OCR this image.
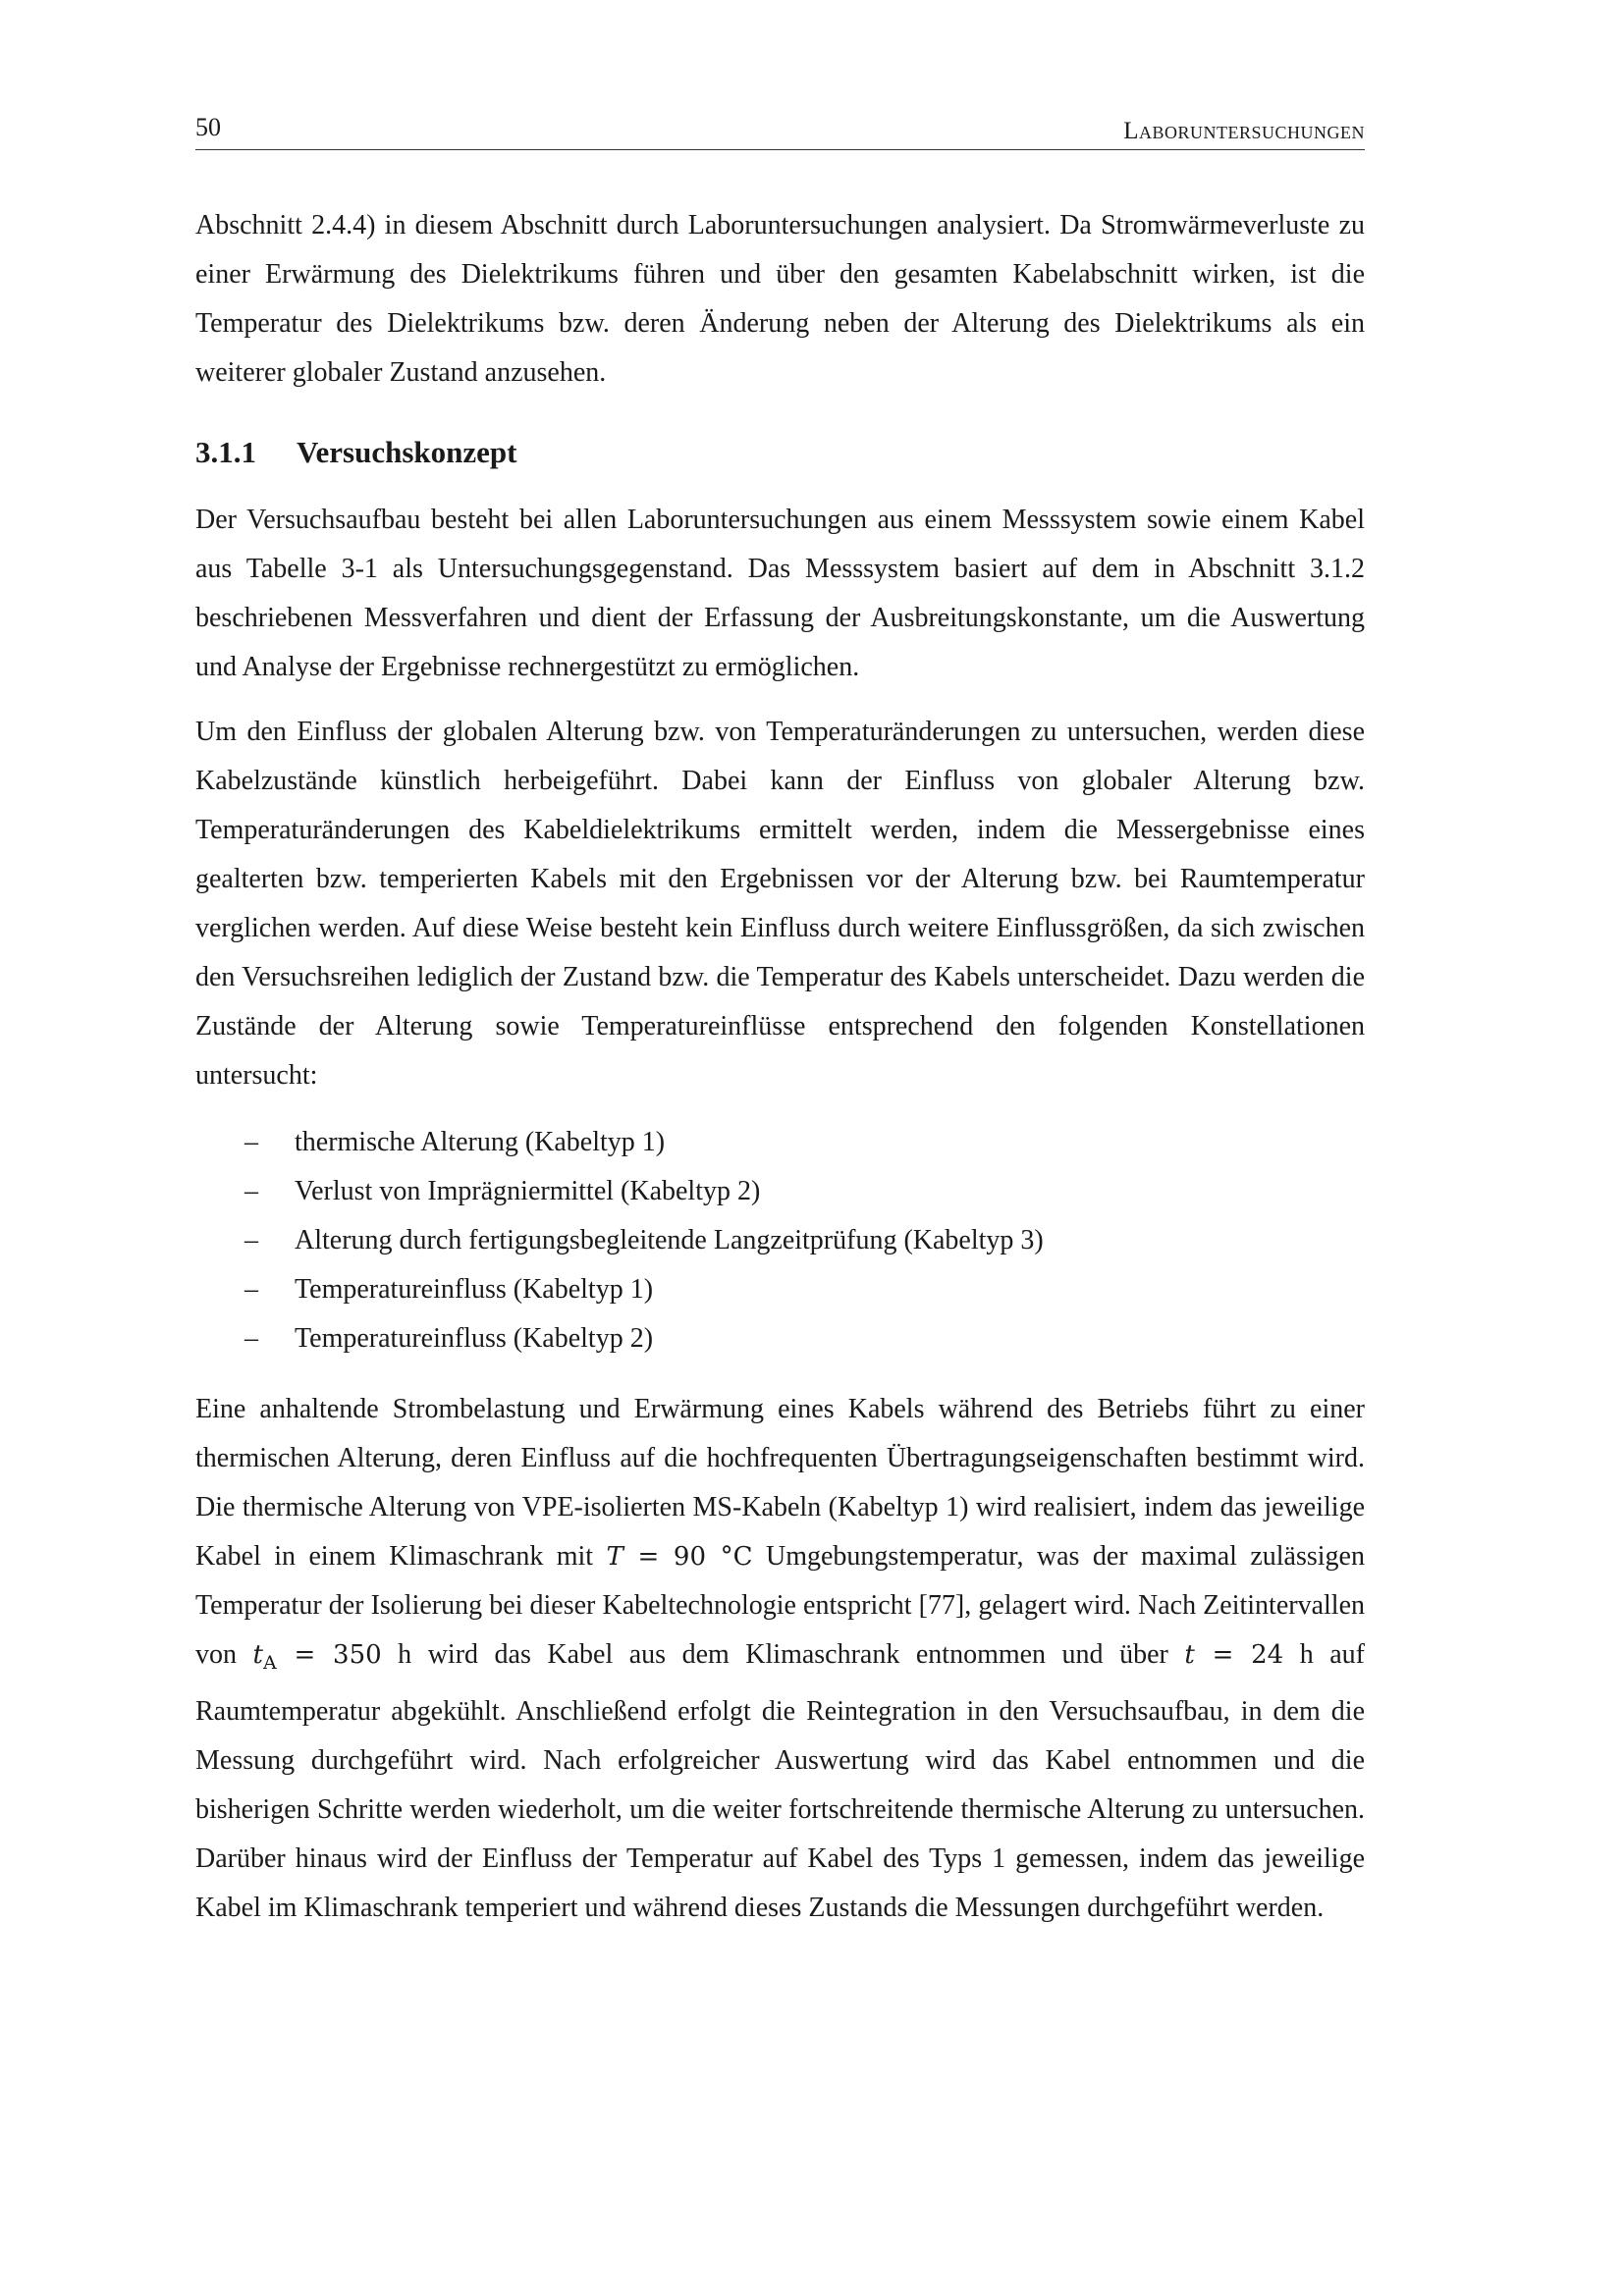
50	Laboruntersuchungen

Abschnitt 2.4.4) in diesem Abschnitt durch Laboruntersuchungen analysiert. Da Stromwärmeverluste zu einer Erwärmung des Dielektrikums führen und über den gesamten Kabelabschnitt wirken, ist die Temperatur des Dielektrikums bzw. deren Änderung neben der Alterung des Dielektrikums als ein weiterer globaler Zustand anzusehen.

3.1.1 Versuchskonzept

Der Versuchsaufbau besteht bei allen Laboruntersuchungen aus einem Messsystem sowie einem Kabel aus Tabelle 3-1 als Untersuchungsgegenstand. Das Messsystem basiert auf dem in Abschnitt 3.1.2 beschriebenen Messverfahren und dient der Erfassung der Ausbreitungskonstante, um die Auswertung und Analyse der Ergebnisse rechnergestützt zu ermöglichen.

Um den Einfluss der globalen Alterung bzw. von Temperaturänderungen zu untersuchen, werden diese Kabelzustände künstlich herbeigeführt. Dabei kann der Einfluss von globaler Alterung bzw. Temperaturänderungen des Kabeldielektrikums ermittelt werden, indem die Messergebnisse eines gealterten bzw. temperierten Kabels mit den Ergebnissen vor der Alterung bzw. bei Raumtemperatur verglichen werden. Auf diese Weise besteht kein Einfluss durch weitere Einflussgrößen, da sich zwischen den Versuchsreihen lediglich der Zustand bzw. die Temperatur des Kabels unterscheidet. Dazu werden die Zustände der Alterung sowie Temperatureinflüsse entsprechend den folgenden Konstellationen untersucht:

– thermische Alterung (Kabeltyp 1)
– Verlust von Imprägniermittel (Kabeltyp 2)
– Alterung durch fertigungsbegleitende Langzeitprüfung (Kabeltyp 3)
– Temperatureinfluss (Kabeltyp 1)
– Temperatureinfluss (Kabeltyp 2)

Eine anhaltende Strombelastung und Erwärmung eines Kabels während des Betriebs führt zu einer thermischen Alterung, deren Einfluss auf die hochfrequenten Übertragungseigenschaften bestimmt wird. Die thermische Alterung von VPE-isolierten MS-Kabeln (Kabeltyp 1) wird realisiert, indem das jeweilige Kabel in einem Klimaschrank mit T = 90 °C Umgebungstemperatur, was der maximal zulässigen Temperatur der Isolierung bei dieser Kabeltechnologie entspricht [77], gelagert wird. Nach Zeitintervallen von $t_A = 350$ h wird das Kabel aus dem Klimaschrank entnommen und über t = 24 h auf Raumtemperatur abgekühlt. Anschließend erfolgt die Reintegration in den Versuchsaufbau, in dem die Messung durchgeführt wird. Nach erfolgreicher Auswertung wird das Kabel entnommen und die bisherigen Schritte werden wiederholt, um die weiter fortschreitende thermische Alterung zu untersuchen. Darüber hinaus wird der Einfluss der Temperatur auf Kabel des Typs 1 gemessen, indem das jeweilige Kabel im Klimaschrank temperiert und während dieses Zustands die Messungen durchgeführt werden.
